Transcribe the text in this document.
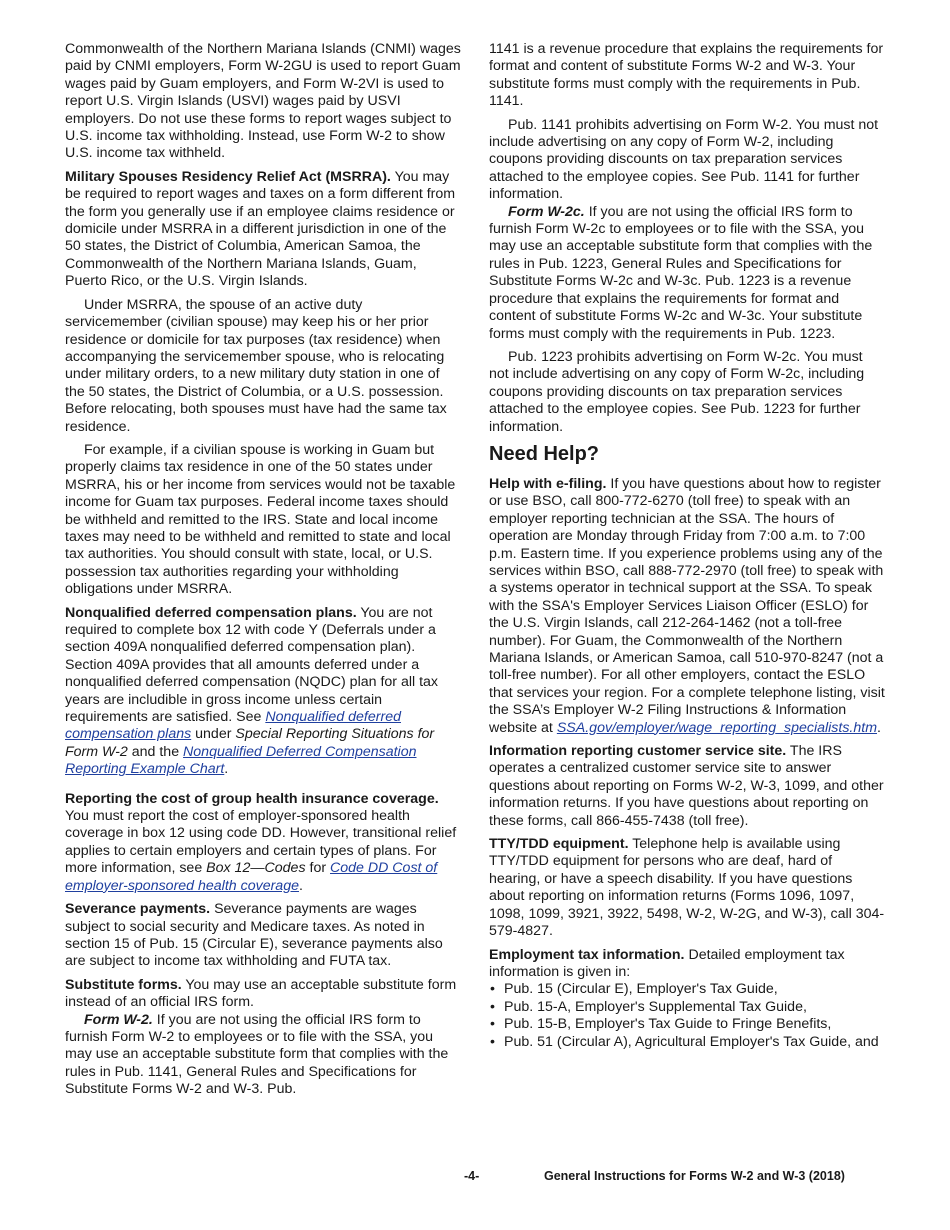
Commonwealth of the Northern Mariana Islands (CNMI) wages paid by CNMI employers, Form W-2GU is used to report Guam wages paid by Guam employers, and Form W-2VI is used to report U.S. Virgin Islands (USVI) wages paid by USVI employers. Do not use these forms to report wages subject to U.S. income tax withholding. Instead, use Form W-2 to show U.S. income tax withheld.

Military Spouses Residency Relief Act (MSRRA). You may be required to report wages and taxes on a form different from the form you generally use if an employee claims residence or domicile under MSRRA in a different jurisdiction in one of the 50 states, the District of Columbia, American Samoa, the Commonwealth of the Northern Mariana Islands, Guam, Puerto Rico, or the U.S. Virgin Islands.

Under MSRRA, the spouse of an active duty servicemember (civilian spouse) may keep his or her prior residence or domicile for tax purposes (tax residence) when accompanying the servicemember spouse, who is relocating under military orders, to a new military duty station in one of the 50 states, the District of Columbia, or a U.S. possession. Before relocating, both spouses must have had the same tax residence.

For example, if a civilian spouse is working in Guam but properly claims tax residence in one of the 50 states under MSRRA, his or her income from services would not be taxable income for Guam tax purposes. Federal income taxes should be withheld and remitted to the IRS. State and local income taxes may need to be withheld and remitted to state and local tax authorities. You should consult with state, local, or U.S. possession tax authorities regarding your withholding obligations under MSRRA.

Nonqualified deferred compensation plans. You are not required to complete box 12 with code Y (Deferrals under a section 409A nonqualified deferred compensation plan). Section 409A provides that all amounts deferred under a nonqualified deferred compensation (NQDC) plan for all tax years are includible in gross income unless certain requirements are satisfied. See Nonqualified deferred compensation plans under Special Reporting Situations for Form W-2 and the Nonqualified Deferred Compensation Reporting Example Chart.

Reporting the cost of group health insurance coverage. You must report the cost of employer-sponsored health coverage in box 12 using code DD. However, transitional relief applies to certain employers and certain types of plans. For more information, see Box 12—Codes for Code DD Cost of employer-sponsored health coverage.

Severance payments. Severance payments are wages subject to social security and Medicare taxes. As noted in section 15 of Pub. 15 (Circular E), severance payments also are subject to income tax withholding and FUTA tax.

Substitute forms. You may use an acceptable substitute form instead of an official IRS form.

Form W-2. If you are not using the official IRS form to furnish Form W-2 to employees or to file with the SSA, you may use an acceptable substitute form that complies with the rules in Pub. 1141, General Rules and Specifications for Substitute Forms W-2 and W-3. Pub.

1141 is a revenue procedure that explains the requirements for format and content of substitute Forms W-2 and W-3. Your substitute forms must comply with the requirements in Pub. 1141.

Pub. 1141 prohibits advertising on Form W-2. You must not include advertising on any copy of Form W-2, including coupons providing discounts on tax preparation services attached to the employee copies. See Pub. 1141 for further information.

Form W-2c. If you are not using the official IRS form to furnish Form W-2c to employees or to file with the SSA, you may use an acceptable substitute form that complies with the rules in Pub. 1223, General Rules and Specifications for Substitute Forms W-2c and W-3c. Pub. 1223 is a revenue procedure that explains the requirements for format and content of substitute Forms W-2c and W-3c. Your substitute forms must comply with the requirements in Pub. 1223.

Pub. 1223 prohibits advertising on Form W-2c. You must not include advertising on any copy of Form W-2c, including coupons providing discounts on tax preparation services attached to the employee copies. See Pub. 1223 for further information.

Need Help?

Help with e-filing. If you have questions about how to register or use BSO, call 800-772-6270 (toll free) to speak with an employer reporting technician at the SSA. The hours of operation are Monday through Friday from 7:00 a.m. to 7:00 p.m. Eastern time. If you experience problems using any of the services within BSO, call 888-772-2970 (toll free) to speak with a systems operator in technical support at the SSA. To speak with the SSA's Employer Services Liaison Officer (ESLO) for the U.S. Virgin Islands, call 212-264-1462 (not a toll-free number). For Guam, the Commonwealth of the Northern Mariana Islands, or American Samoa, call 510-970-8247 (not a toll-free number). For all other employers, contact the ESLO that services your region. For a complete telephone listing, visit the SSA’s Employer W-2 Filing Instructions & Information website at SSA.gov/employer/wage_reporting_specialists.htm.

Information reporting customer service site. The IRS operates a centralized customer service site to answer questions about reporting on Forms W-2, W-3, 1099, and other information returns. If you have questions about reporting on these forms, call 866-455-7438 (toll free).

TTY/TDD equipment. Telephone help is available using TTY/TDD equipment for persons who are deaf, hard of hearing, or have a speech disability. If you have questions about reporting on information returns (Forms 1096, 1097, 1098, 1099, 3921, 3922, 5498, W-2, W-2G, and W-3), call 304-579-4827.

Employment tax information. Detailed employment tax information is given in:

• Pub. 15 (Circular E), Employer's Tax Guide,
• Pub. 15-A, Employer's Supplemental Tax Guide,
• Pub. 15-B, Employer's Tax Guide to Fringe Benefits,
• Pub. 51 (Circular A), Agricultural Employer's Tax Guide, and
-4-	General Instructions for Forms W-2 and W-3 (2018)
